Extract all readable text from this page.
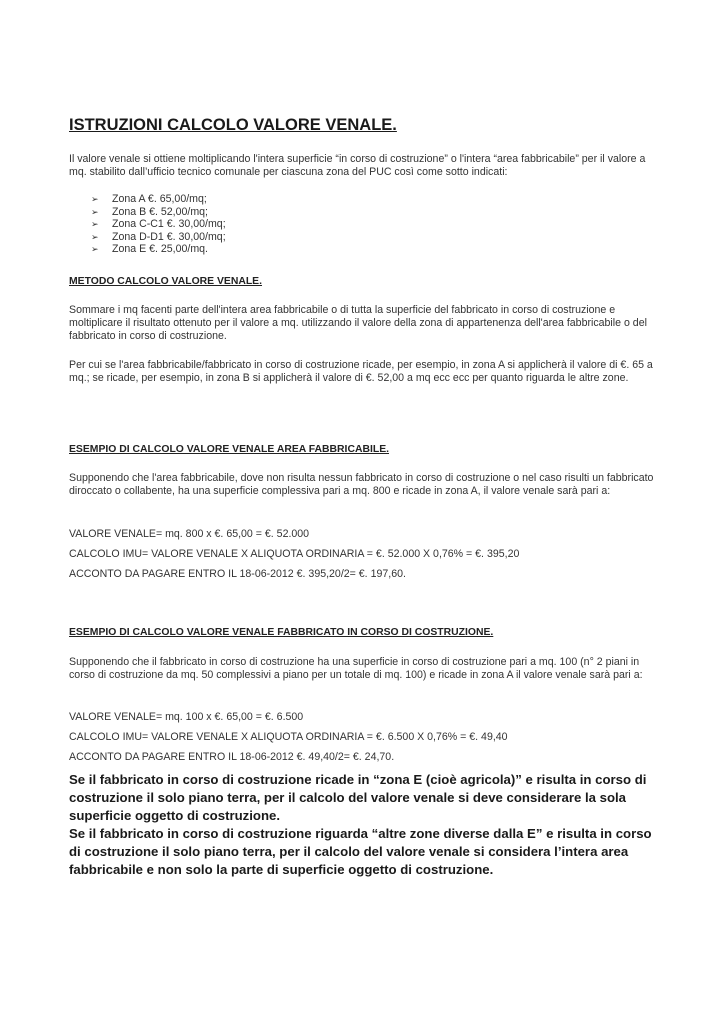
ISTRUZIONI CALCOLO VALORE VENALE.
Il valore venale si ottiene moltiplicando l'intera superficie “in corso di costruzione” o l'intera “area fabbricabile” per il valore a mq. stabilito dall’ufficio tecnico comunale per ciascuna zona del PUC così come sotto indicati:
➢ Zona A €. 65,00/mq;
➢ Zona B €. 52,00/mq;
➢ Zona C-C1 €. 30,00/mq;
➢ Zona D-D1 €. 30,00/mq;
➢ Zona E €. 25,00/mq.
METODO CALCOLO VALORE VENALE.
Sommare i mq facenti parte dell'intera area fabbricabile o di tutta la superficie del fabbricato in corso di costruzione e moltiplicare il risultato ottenuto per il valore a mq. utilizzando il valore della zona di appartenenza dell'area fabbricabile o del fabbricato in corso di costruzione.
Per cui se l'area fabbricabile/fabbricato in corso di costruzione ricade, per esempio, in zona A si applicherà il valore di €. 65 a mq.; se ricade, per esempio, in zona B si applicherà il valore di €. 52,00 a mq ecc ecc per quanto riguarda le altre zone.
ESEMPIO DI CALCOLO VALORE VENALE AREA FABBRICABILE.
Supponendo che l'area fabbricabile, dove non risulta nessun fabbricato in corso di costruzione o nel caso risulti un fabbricato diroccato o collabente, ha una superficie complessiva pari a mq. 800 e ricade in zona A, il valore venale sarà pari a:
VALORE VENALE= mq. 800 x €. 65,00 = €. 52.000
CALCOLO IMU= VALORE VENALE X ALIQUOTA ORDINARIA = €. 52.000 X 0,76% = €. 395,20
ACCONTO DA PAGARE ENTRO IL 18-06-2012 €. 395,20/2= €. 197,60.
ESEMPIO DI CALCOLO VALORE VENALE FABBRICATO IN CORSO DI COSTRUZIONE.
Supponendo che il fabbricato in corso di costruzione ha una superficie in corso di costruzione pari a mq. 100 (n° 2 piani in corso di costruzione da mq. 50 complessivi a piano per un totale di mq. 100) e ricade in zona A il valore venale sarà pari a:
VALORE VENALE= mq. 100 x €. 65,00 = €. 6.500
CALCOLO IMU= VALORE VENALE X ALIQUOTA ORDINARIA = €. 6.500 X 0,76% = €. 49,40
ACCONTO DA PAGARE ENTRO IL 18-06-2012 €. 49,40/2= €. 24,70.
Se il fabbricato in corso di costruzione ricade in “zona E (cioè agricola)” e risulta in corso di costruzione il solo piano terra, per il calcolo del valore venale si deve considerare la sola superficie oggetto di costruzione.
Se il fabbricato in corso di costruzione riguarda “altre zone diverse dalla E” e risulta in corso di costruzione il solo piano terra, per il calcolo del valore venale si considera l’intera area fabbricabile e non solo la parte di superficie oggetto di costruzione.
